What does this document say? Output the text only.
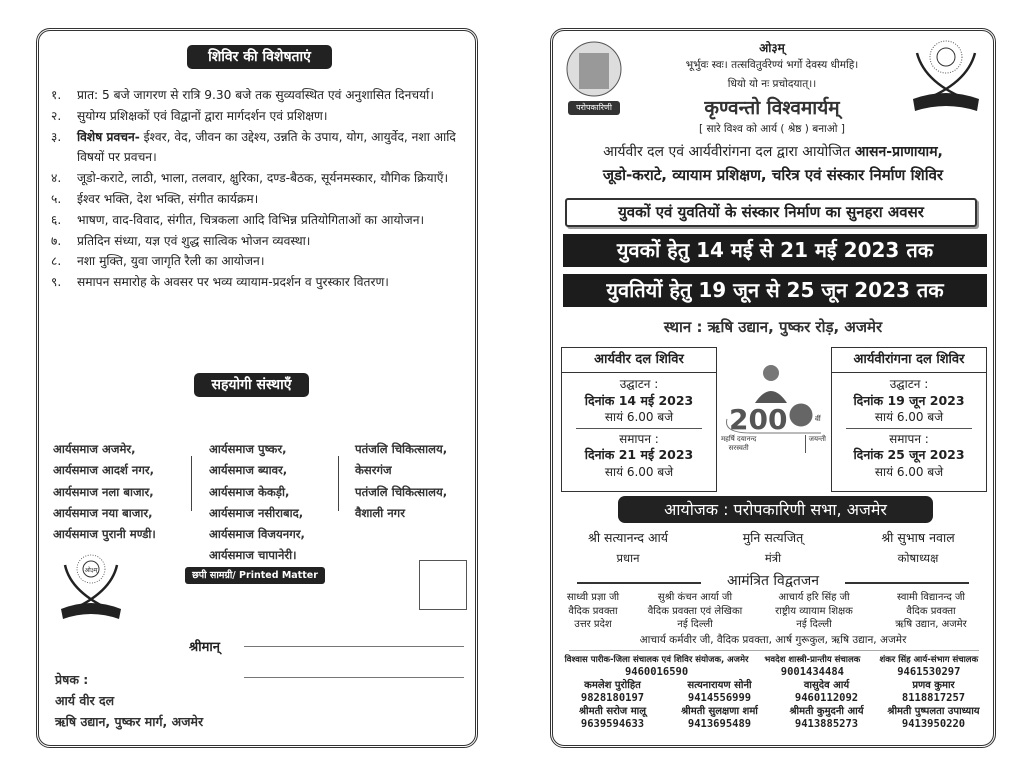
शिविर की विशेषताएं
१.	प्रात: 5 बजे जागरण से रात्रि 9.30 बजे तक सुव्यवस्थित एवं अनुशासित दिनचर्या।
२.	सुयोग्य प्रशिक्षकों एवं विद्वानों द्वारा मार्गदर्शन एवं प्रशिक्षण।
३.	विशेष प्रवचन- ईश्वर, वेद, जीवन का उद्देश्य, उन्नति के उपाय, योग, आयुर्वेद, नशा आदि विषयों पर प्रवचन।
४.	जूडो-कराटे, लाठी, भाला, तलवार, क्षुरिका, दण्ड-बैठक, सूर्यनमस्कार, यौगिक क्रियाएँ।
५.	ईश्वर भक्ति, देश भक्ति, संगीत कार्यक्रम।
६.	भाषण, वाद-विवाद, संगीत, चित्रकला आदि विभिन्न प्रतियोगिताओं का आयोजन।
७.	प्रतिदिन संध्या, यज्ञ एवं शुद्ध सात्विक भोजन व्यवस्था।
८.	नशा मुक्ति, युवा जागृति रैली का आयोजन।
९.	समापन समारोह के अवसर पर भव्य व्यायाम-प्रदर्शन व पुरस्कार वितरण।
सहयोगी संस्थाएँ
आर्यसमाज अजमेर,
आर्यसमाज आदर्श नगर,
आर्यसमाज नला बाजार,
आर्यसमाज नया बाजार,
आर्यसमाज पुरानी मण्डी।
आर्यसमाज पुष्कर,
आर्यसमाज ब्यावर,
आर्यसमाज केकड़ी,
आर्यसमाज नसीराबाद,
आर्यसमाज विजयनगर,
आर्यसमाज चापानेरी।
पतंजलि चिकित्सालय,
केसरगंज
पतंजलि चिकित्सालय,
वैशाली नगर
ओ३म्	छपी सामग्री/ Printed Matter
श्रीमान्
प्रेषक :
आर्य वीर दल
ऋषि उद्यान, पुष्कर मार्ग, अजमेर
परोपकारिणी
ओ३म्
भूर्भुवः स्वः। तत्सवितुर्वरेण्यं भर्गो देवस्य धीमहि।
धियो यो नः प्रचोदयात्।।
कृण्वन्तो विश्वमार्यम्
[ सारे विश्व को आर्य ( श्रेष्ठ ) बनाओ ]
आर्यवीर दल एवं आर्यवीरांगना दल द्वारा आयोजित आसन-प्राणायाम,
जूडो-कराटे, व्यायाम प्रशिक्षण, चरित्र एवं संस्कार निर्माण शिविर
युवकों एवं युवतियों के संस्कार निर्माण का सुनहरा अवसर
युवकों हेतु 14 मई से 21 मई 2023 तक
युवतियों हेतु 19 जून से 25 जून 2023 तक
स्थान : ऋषि उद्यान, पुष्कर रोड़, अजमेर
आर्यवीर दल शिविर
उद्घाटन :
दिनांक 14 मई 2023
सायं 6.00 बजे
समापन :
दिनांक 21 मई 2023
सायं 6.00 बजे
आर्यवीरांगना दल शिविर
उद्घाटन :
दिनांक 19 जून 2023
सायं 6.00 बजे
समापन :
दिनांक 25 जून 2023
सायं 6.00 बजे
200	वीं
महर्षि दयानन्द
सरस्वती
जयन्ती
आयोजक : परोपकारिणी सभा, अजमेर
श्री सत्यानन्द आर्य
प्रधान
मुनि सत्यजित्
मंत्री
श्री सुभाष नवाल
कोषाध्यक्ष
आमंत्रित विद्वतजन
साध्वी प्रज्ञा जी
वैदिक प्रवक्ता
उत्तर प्रदेश
सुश्री कंचन आर्या जी
वैदिक प्रवक्ता एवं लेखिका
नई दिल्ली
आचार्य हरि सिंह जी
राष्ट्रीय व्यायाम शिक्षक
नई दिल्ली
स्वामी विद्यानन्द जी
वैदिक प्रवक्ता
ऋषि उद्यान, अजमेर
आचार्य कर्मवीर जी, वैदिक प्रवक्ता, आर्ष गुरूकुल, ऋषि उद्यान, अजमेर
विश्वास पारीक-जिला संचालक एवं शिविर संयोजक, अजमेर
9460016590
भवदेश शास्त्री-प्रान्तीय संचालक
9001434484
शंकर सिंह आर्य-संभाग संचालक
9461530297
कमलेश पुरोहित
9828180197
सत्यनारायण सोनी
9414556999
वासुदेव आर्य
9460112092
प्रणव कुमार
8118817257
श्रीमती सरोज मालू
9639594633
श्रीमती सुलक्षणा शर्मा
9413695489
श्रीमती कुमुदनी आर्य
9413885273
श्रीमती पुष्पलता उपाध्याय
9413950220
